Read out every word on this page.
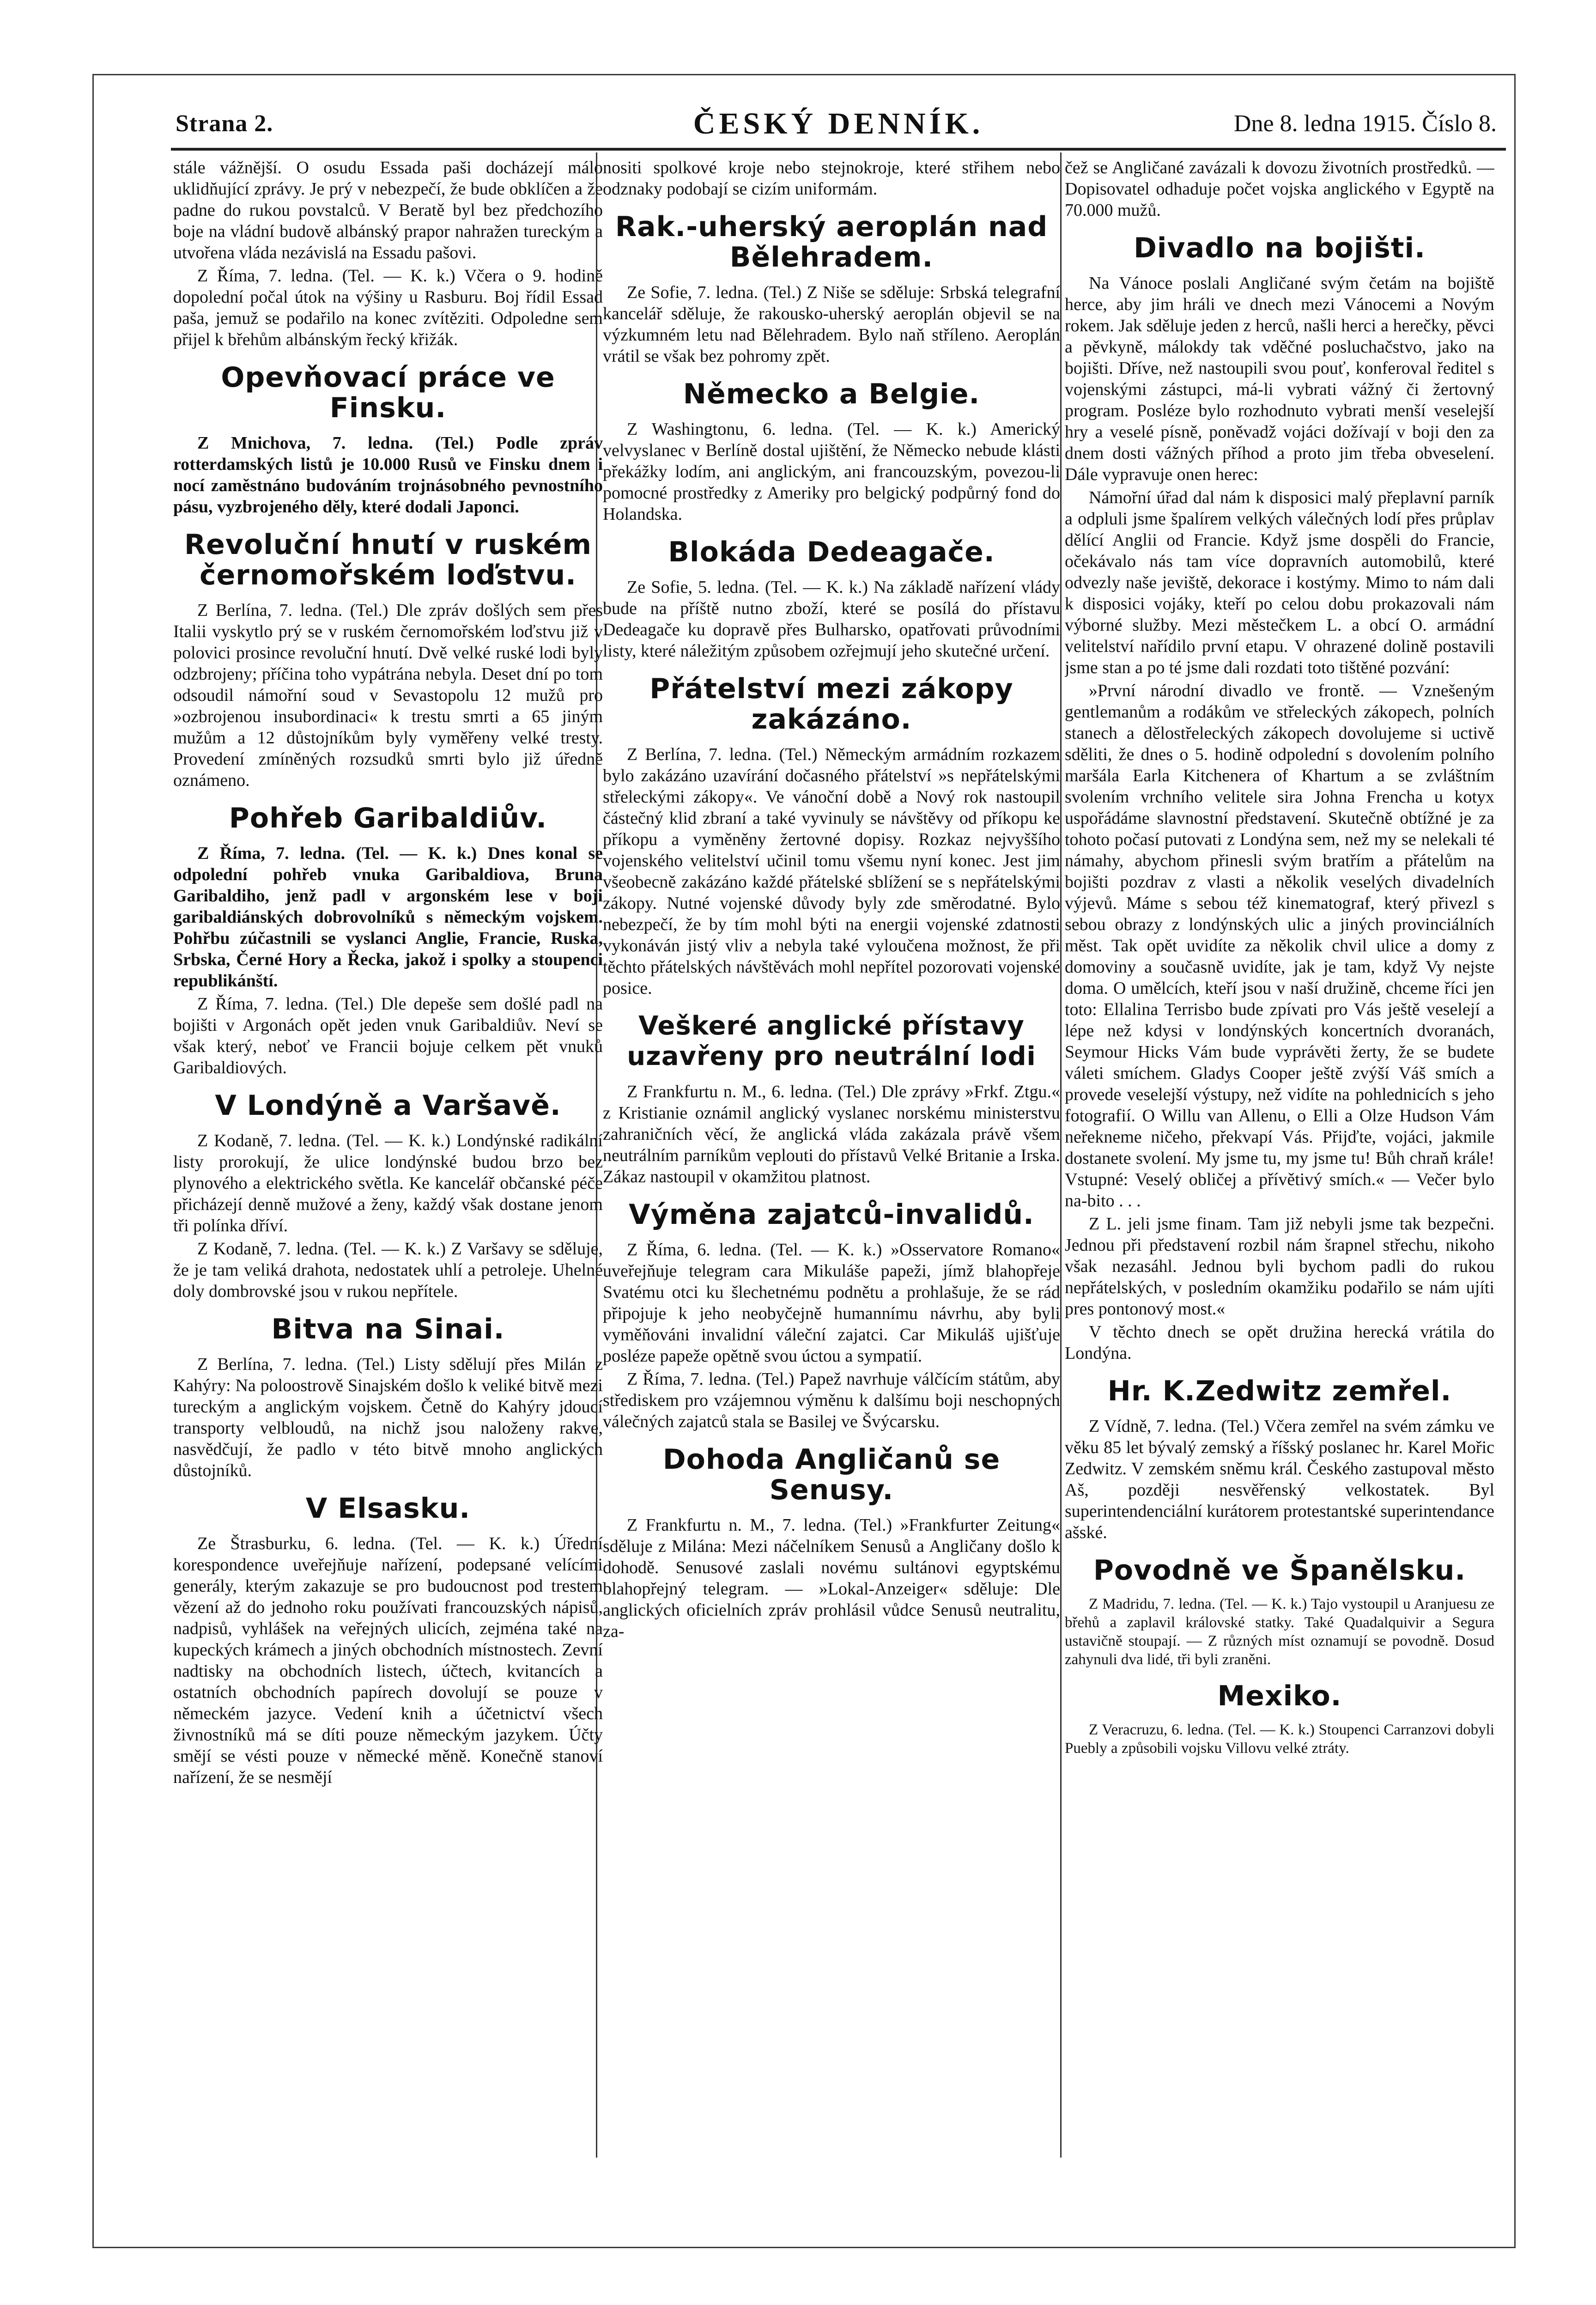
Strana 2.	ČESKÝ DENNÍK.	Dne 8. ledna 1915. Číslo 8.

stále vážnější. O osudu Essada paši docházejí málo uklidňující zprávy. Je prý v nebezpečí, že bude obklíčen a že padne do rukou povstalců. V Beratě byl bez předchozího boje na vládní budově albánský prapor nahražen tureckým a utvořena vláda nezávislá na Essadu pašovi.

Z Říma, 7. ledna. (Tel. — K. k.) Včera o 9. hodině dopolední počal útok na výšiny u Rasburu. Boj řídil Essad paša, jemuž se podařilo na konec zvítěziti. Odpoledne sem přijel k břehům albánským řecký křižák.

Opevňovací práce ve Finsku.

Z Mnichova, 7. ledna. (Tel.) Podle zpráv rotterdamských listů je 10.000 Rusů ve Finsku dnem i nocí zaměstnáno budováním trojnásobného pevnostního pásu, vyzbrojeného děly, které dodali Japonci.

Revoluční hnutí v ruském černomořském loďstvu.

Z Berlína, 7. ledna. (Tel.) Dle zpráv došlých sem přes Italii vyskytlo prý se v ruském černomořském loďstvu již v polovici prosince revoluční hnutí. Dvě velké ruské lodi byly odzbrojeny; příčina toho vypátrána nebyla. Deset dní po tom odsoudil námořní soud v Sevastopolu 12 mužů pro »ozbrojenou insubordinaci« k trestu smrti a 65 jiným mužům a 12 důstojníkům byly vyměřeny velké tresty. Provedení zmíněných rozsudků smrti bylo již úředně oznámeno.

Pohřeb Garibaldiův.

Z Říma, 7. ledna. (Tel. — K. k.) Dnes konal se odpolední pohřeb vnuka Garibaldiova, Bruna Garibaldiho, jenž padl v argonském lese v boji garibaldiánských dobrovolníků s německým vojskem. Pohřbu zúčastnili se vyslanci Anglie, Francie, Ruska, Srbska, Černé Hory a Řecka, jakož i spolky a stoupenci republikánští.

Z Říma, 7. ledna. (Tel.) Dle depeše sem došlé padl na bojišti v Argonách opět jeden vnuk Garibaldiův. Neví se však který, neboť ve Francii bojuje celkem pět vnuků Garibaldiových.

V Londýně a Varšavě.

Z Kodaně, 7. ledna. (Tel. — K. k.) Londýnské radikální listy prorokují, že ulice londýnské budou brzo bez plynového a elektrického světla. Ke kancelář občanské péče přicházejí denně mužové a ženy, každý však dostane jenom tři polínka dříví.

Z Kodaně, 7. ledna. (Tel. — K. k.) Z Varšavy se sděluje, že je tam veliká drahota, nedostatek uhlí a petroleje. Uhelné doly dombrovské jsou v rukou nepřítele.

Bitva na Sinai.

Z Berlína, 7. ledna. (Tel.) Listy sdělují přes Milán z Kahýry: Na poloostrově Sinajském došlo k veliké bitvě mezi tureckým a anglickým vojskem. Četně do Kahýry jdoucí transporty velbloudů, na nichž jsou naloženy rakve, nasvědčují, že padlo v této bitvě mnoho anglických důstojníků.

V Elsasku.

Ze Štrasburku, 6. ledna. (Tel. — K. k.) Úřední korespondence uveřejňuje nařízení, podepsané velícími generály, kterým zakazuje se pro budoucnost pod trestem vězení až do jednoho roku používati francouzských nápisů, nadpisů, vyhlášek na veřejných ulicích, zejména také na kupeckých krámech a jiných obchodních místnostech. Zevní nadtisky na obchodních listech, účtech, kvitancích a ostatních obchodních papírech dovolují se pouze v německém jazyce. Vedení knih a účetnictví všech živnostníků má se díti pouze německým jazykem. Účty smějí se vésti pouze v německé měně. Konečně stanoví nařízení, že se nesmějí

nositi spolkové kroje nebo stejnokroje, které střihem nebo odznaky podobají se cizím uniformám.

Rak.-uherský aeroplán nad Bělehradem.

Ze Sofie, 7. ledna. (Tel.) Z Niše se sděluje: Srbská telegrafní kancelář sděluje, že rakousko-uherský aeroplán objevil se na výzkumném letu nad Bělehradem. Bylo naň stříleno. Aeroplán vrátil se však bez pohromy zpět.

Německo a Belgie.

Z Washingtonu, 6. ledna. (Tel. — K. k.) Americký velvyslanec v Berlíně dostal ujištění, že Německo nebude klásti překážky lodím, ani anglickým, ani francouzským, povezou-li pomocné prostředky z Ameriky pro belgický podpůrný fond do Holandska.

Blokáda Dedeagače.

Ze Sofie, 5. ledna. (Tel. — K. k.) Na základě nařízení vlády bude na příště nutno zboží, které se posílá do přístavu Dedeagače ku dopravě přes Bulharsko, opatřovati průvodními listy, které náležitým způsobem ozřejmují jeho skutečné určení.

Přátelství mezi zákopy zakázáno.

Z Berlína, 7. ledna. (Tel.) Německým armádním rozkazem bylo zakázáno uzavírání dočasného přátelství »s nepřátelskými střeleckými zákopy«. Ve vánoční době a Nový rok nastoupil částečný klid zbraní a také vyvinuly se návštěvy od příkopu ke příkopu a vyměněny žertovné dopisy. Rozkaz nejvyššího vojenského velitelství učinil tomu všemu nyní konec. Jest jim všeobecně zakázáno každé přátelské sblížení se s nepřátelskými zákopy. Nutné vojenské důvody byly zde směrodatné. Bylo nebezpečí, že by tím mohl býti na energii vojenské zdatnosti vykonáván jistý vliv a nebyla také vyloučena možnost, že při těchto přátelských návštěvách mohl nepřítel pozorovati vojenské posice.

Veškeré anglické přístavy uzavřeny pro neutrální lodi

Z Frankfurtu n. M., 6. ledna. (Tel.) Dle zprávy »Frkf. Ztgu.« z Kristianie oznámil anglický vyslanec norskému ministerstvu zahraničních věcí, že anglická vláda zakázala právě všem neutrálním parníkům veplouti do přístavů Velké Britanie a Irska. Zákaz nastoupil v okamžitou platnost.

Výměna zajatců-invalidů.

Z Říma, 6. ledna. (Tel. — K. k.) »Osservatore Romano« uveřejňuje telegram cara Mikuláše papeži, jímž blahopřeje Svatému otci ku šlechetnému podnětu a prohlašuje, že se rád připojuje k jeho neobyčejně humannímu návrhu, aby byli vyměňováni invalidní váleční zajatci. Car Mikuláš ujišťuje posléze papeže opětně svou úctou a sympatií.

Z Říma, 7. ledna. (Tel.) Papež navrhuje válčícím státům, aby střediskem pro vzájemnou výměnu k dalšímu boji neschopných válečných zajatců stala se Basilej ve Švýcarsku.

Dohoda Angličanů se Senusy.

Z Frankfurtu n. M., 7. ledna. (Tel.) »Frankfurter Zeitung« sděluje z Milána: Mezi náčelníkem Senusů a Angličany došlo k dohodě. Senusové zaslali novému sultánovi egyptskému blahopřejný telegram. — »Lokal-Anzeiger« sděluje: Dle anglických oficielních zpráv prohlásil vůdce Senusů neutralitu, za-

čež se Angličané zavázali k dovozu životních prostředků. — Dopisovatel odhaduje počet vojska anglického v Egyptě na 70.000 mužů.

Divadlo na bojišti.

Na Vánoce poslali Angličané svým četám na bojiště herce, aby jim hráli ve dnech mezi Vánocemi a Novým rokem. Jak sděluje jeden z herců, našli herci a herečky, pěvci a pěvkyně, málokdy tak vděčné posluchačstvo, jako na bojišti. Dříve, než nastoupili svou pouť, konferoval ředitel s vojenskými zástupci, má-li vybrati vážný či žertovný program. Posléze bylo rozhodnuto vybrati menší veselejší hry a veselé písně, poněvadž vojáci dožívají v boji den za dnem dosti vážných příhod a proto jim třeba obveselení. Dále vypravuje onen herec:

Námořní úřad dal nám k disposici malý přeplavní parník a odpluli jsme špalírem velkých válečných lodí přes průplav dělící Anglii od Francie. Když jsme dospěli do Francie, očekávalo nás tam více dopravních automobilů, které odvezly naše jeviště, dekorace i kostýmy. Mimo to nám dali k disposici vojáky, kteří po celou dobu prokazovali nám výborné služby. Mezi městečkem L. a obcí O. armádní velitelství nařídilo první etapu. V ohrazené dolině postavili jsme stan a po té jsme dali rozdati toto tištěné pozvání:

»První národní divadlo ve frontě. — Vznešeným gentlemanům a rodákům ve střeleckých zákopech, polních stanech a dělostřeleckých zákopech dovolujeme si uctivě sděliti, že dnes o 5. hodině odpolední s dovolením polního maršála Earla Kitchenera of Khartum a se zvláštním svolením vrchního velitele sira Johna Frencha u kotyx uspořádáme slavnostní představení. Skutečně obtížné je za tohoto počasí putovati z Londýna sem, než my se nelekali té námahy, abychom přinesli svým bratřím a přátelům na bojišti pozdrav z vlasti a několik veselých divadelních výjevů. Máme s sebou též kinematograf, který přivezl s sebou obrazy z londýnských ulic a jiných provinciálních měst. Tak opět uvidíte za několik chvil ulice a domy z domoviny a současně uvidíte, jak je tam, když Vy nejste doma. O umělcích, kteří jsou v naší družině, chceme říci jen toto: Ellalina Terrisbo bude zpívati pro Vás ještě veselejí a lépe než kdysi v londýnských koncertních dvoranách, Seymour Hicks Vám bude vyprávěti žerty, že se budete váleti smíchem. Gladys Cooper ještě zvýší Váš smích a provede veselejší výstupy, než vidíte na pohlednicích s jeho fotografií. O Willu van Allenu, o Elli a Olze Hudson Vám neřekneme ničeho, překvapí Vás. Přijďte, vojáci, jakmile dostanete svolení. My jsme tu, my jsme tu! Bůh chraň krále! Vstupné: Veselý obličej a přívětivý smích.« — Večer bylo na-bito . . .

Z L. jeli jsme finam. Tam již nebyli jsme tak bezpečni. Jednou při představení rozbil nám šrapnel střechu, nikoho však nezasáhl. Jednou byli bychom padli do rukou nepřátelských, v posledním okamžiku podařilo se nám ujíti pres pontonový most.«

V těchto dnech se opět družina herecká vrátila do Londýna.

Hr. K.Zedwitz zemřel.

Z Vídně, 7. ledna. (Tel.) Včera zemřel na svém zámku ve věku 85 let bývalý zemský a říšský poslanec hr. Karel Mořic Zedwitz. V zemském sněmu král. Českého zastupoval město Aš, později nesvěřenský velkostatek. Byl superintendenciální kurátorem protestantské superintendance ašské.

Povodně ve Španělsku.

Z Madridu, 7. ledna. (Tel. — K. k.) Tajo vystoupil u Aranjuesu ze břehů a zaplavil královské statky. Také Quadalquivir a Segura ustavičně stoupají. — Z různých míst oznamují se povodně. Dosud zahynuli dva lidé, tři byli zraněni.

Mexiko.

Z Veracruzu, 6. ledna. (Tel. — K. k.) Stoupenci Carranzovi dobyli Puebly a způsobili vojsku Villovu velké ztráty.
